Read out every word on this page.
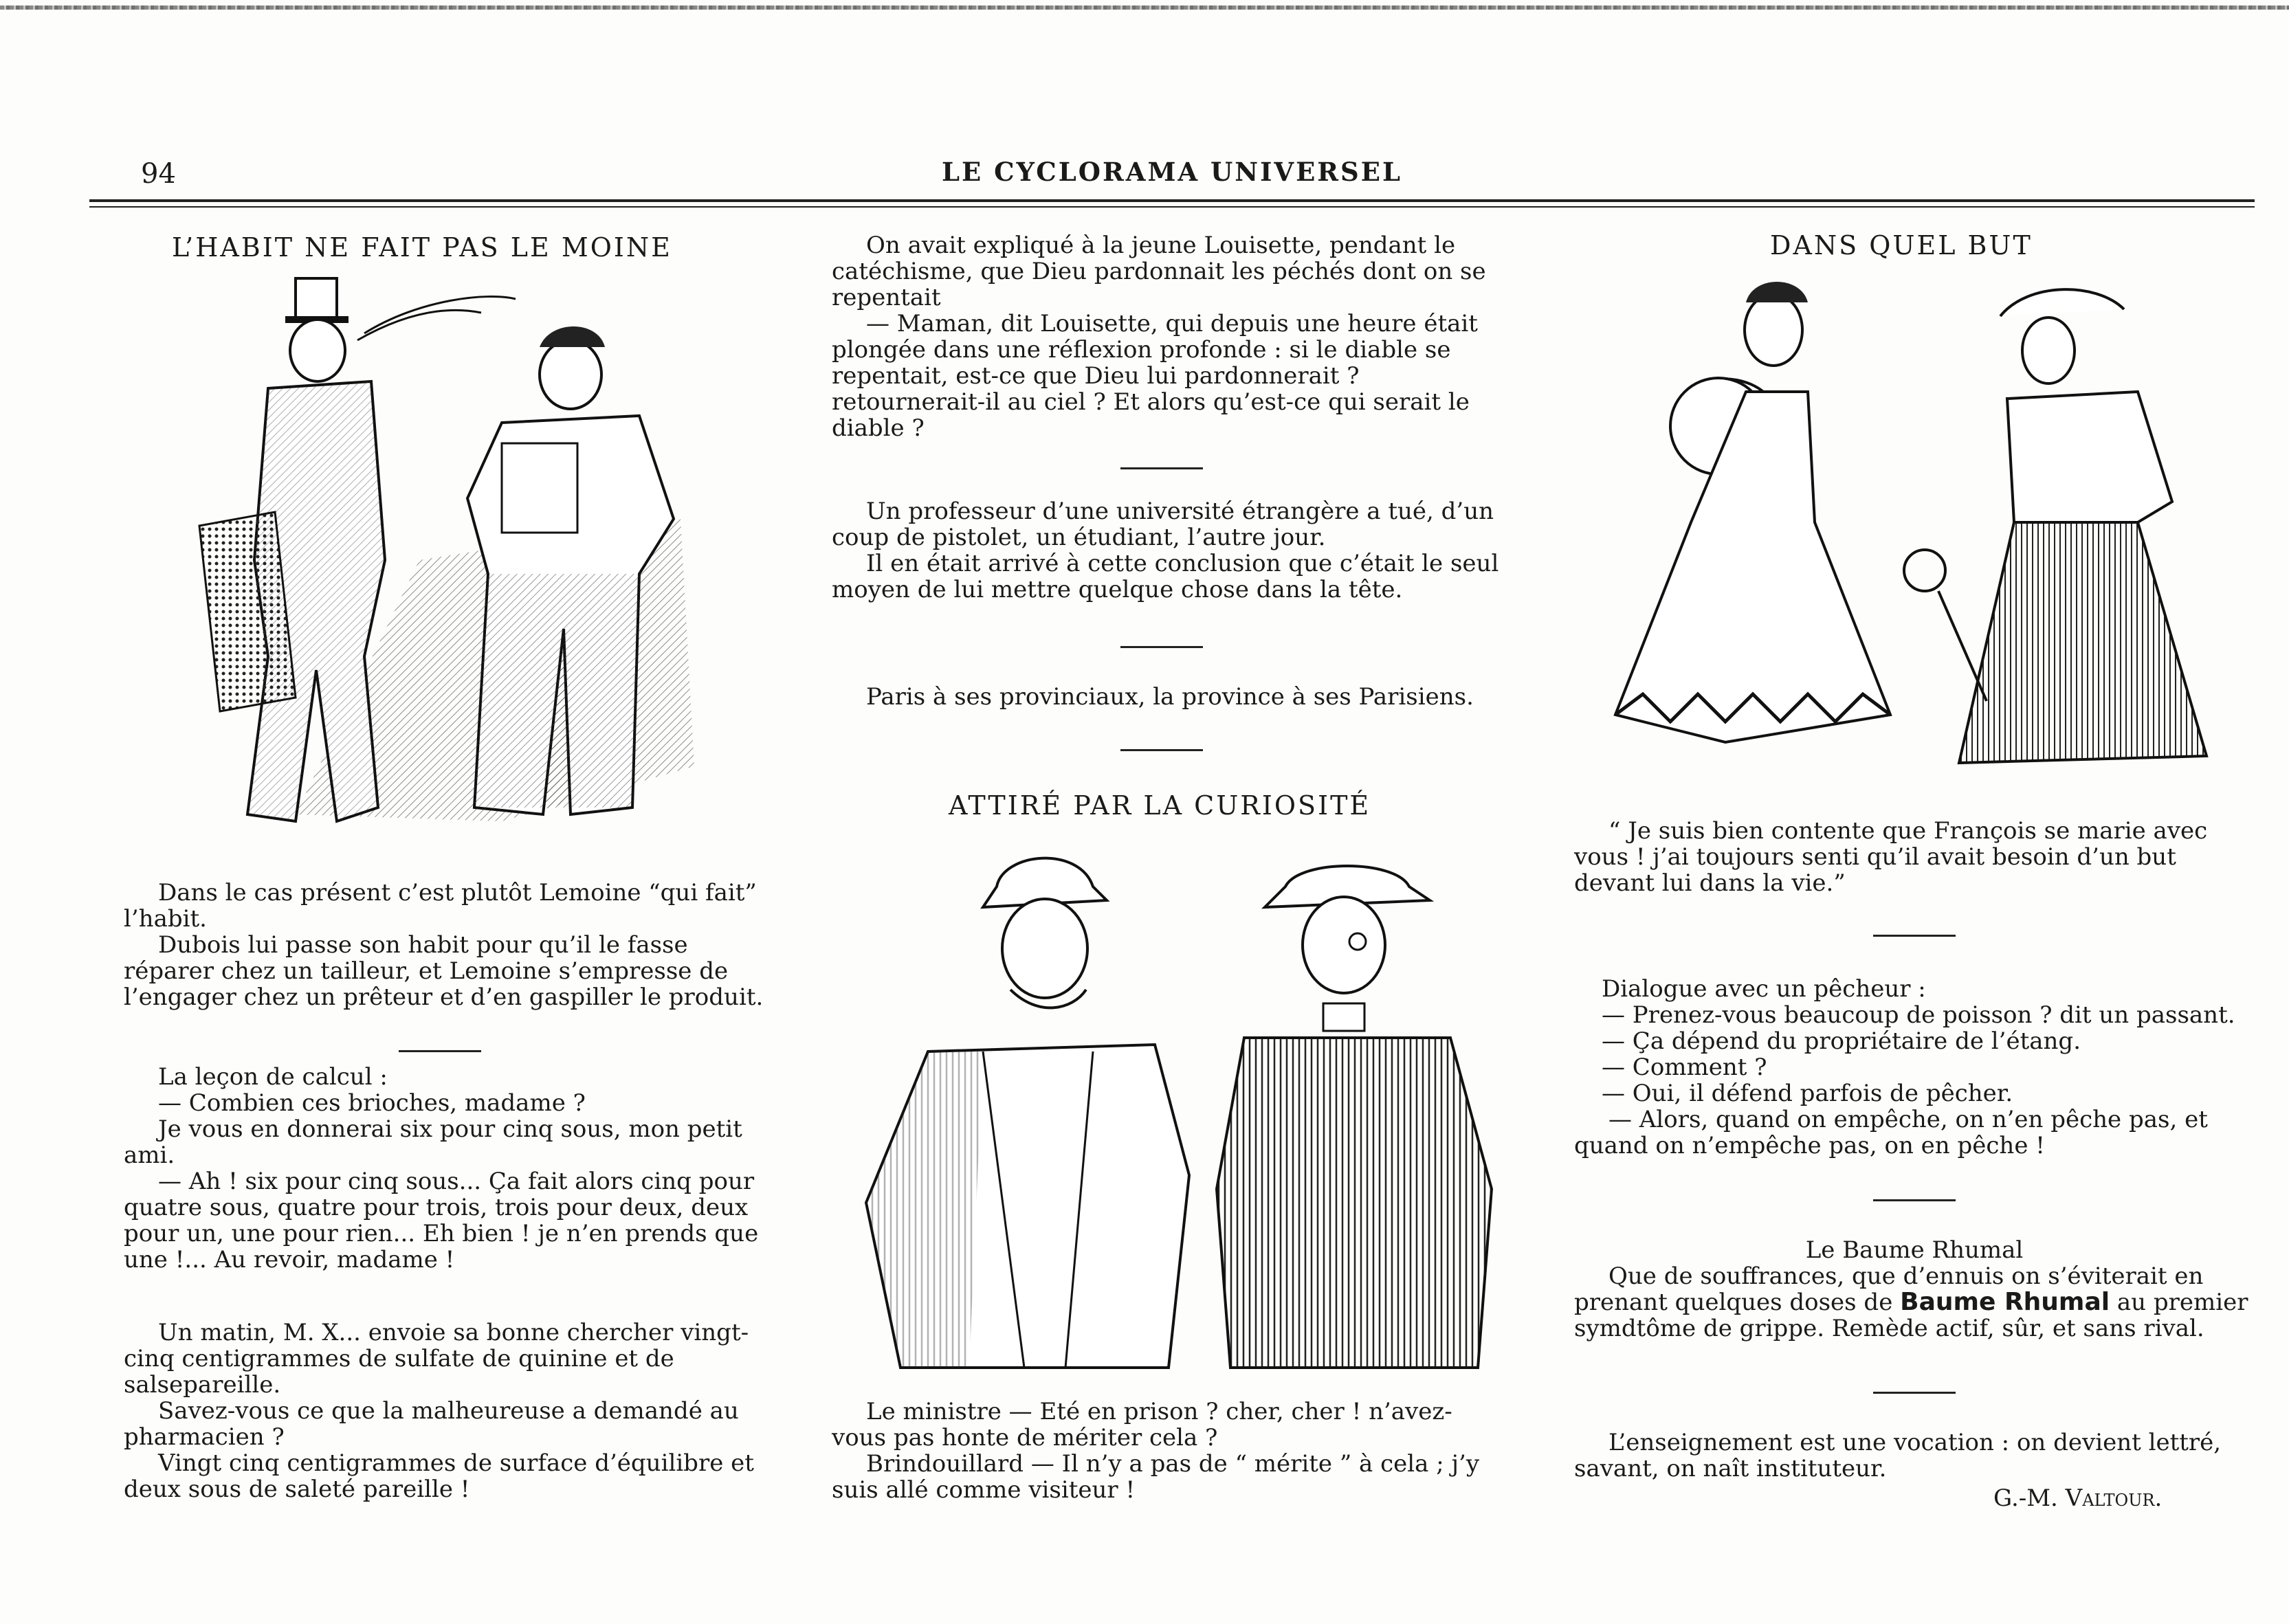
94	LE CYCLORAMA UNIVERSEL
L’HABIT NE FAIT PAS LE MOINE

Dans le cas présent c’est plutôt Lemoine “qui fait” l’habit.

Dubois lui passe son habit pour qu’il le fasse réparer chez un tailleur, et Lemoine s’empresse de l’engager chez un prêteur et d’en gaspiller le produit.

La leçon de calcul :

— Combien ces brioches, madame ?

Je vous en donnerai six pour cinq sous, mon petit ami.

— Ah ! six pour cinq sous... Ça fait alors cinq pour quatre sous, quatre pour trois, trois pour deux, deux pour un, une pour rien... Eh bien ! je n’en prends que une !... Au revoir, madame !

Un matin, M. X... envoie sa bonne chercher vingt-cinq centigrammes de sulfate de quinine et de salsepareille.

Savez-vous ce que la malheureuse a demandé au pharmacien ?

Vingt cinq centigrammes de surface d’équilibre et deux sous de saleté pareille !

On avait expliqué à la jeune Louisette, pendant le catéchisme, que Dieu pardonnait les péchés dont on se repentait

— Maman, dit Louisette, qui depuis une heure était plongée dans une réflexion profonde : si le diable se repentait, est-ce que Dieu lui pardonnerait ? retournerait-il au ciel ? Et alors qu’est-ce qui serait le diable ?

Un professeur d’une université étrangère a tué, d’un coup de pistolet, un étudiant, l’autre jour.

Il en était arrivé à cette conclusion que c’était le seul moyen de lui mettre quelque chose dans la tête.

Paris à ses provinciaux, la province à ses Parisiens.

ATTIRÉ PAR LA CURIOSITÉ

Le ministre — Eté en prison ? cher, cher ! n’avez-vous pas honte de mériter cela ?

Brindouillard — Il n’y a pas de “ mérite ” à cela ; j’y suis allé comme visiteur !

DANS QUEL BUT

“ Je suis bien contente que François se marie avec vous ! j’ai toujours senti qu’il avait besoin d’un but devant lui dans la vie.”

Dialogue avec un pêcheur :

— Prenez-vous beaucoup de poisson ? dit un passant.

— Ça dépend du propriétaire de l’étang.

— Comment ?

— Oui, il défend parfois de pêcher.

— Alors, quand on empêche, on n’en pêche pas, et quand on n’empêche pas, on en pêche !

Le Baume Rhumal

Que de souffrances, que d’ennuis on s’éviterait en prenant quelques doses de Baume Rhumal au premier symdtôme de grippe. Remède actif, sûr, et sans rival.

L’enseignement est une vocation : on devient lettré, savant, on naît instituteur.

G.-M. Valtour.
